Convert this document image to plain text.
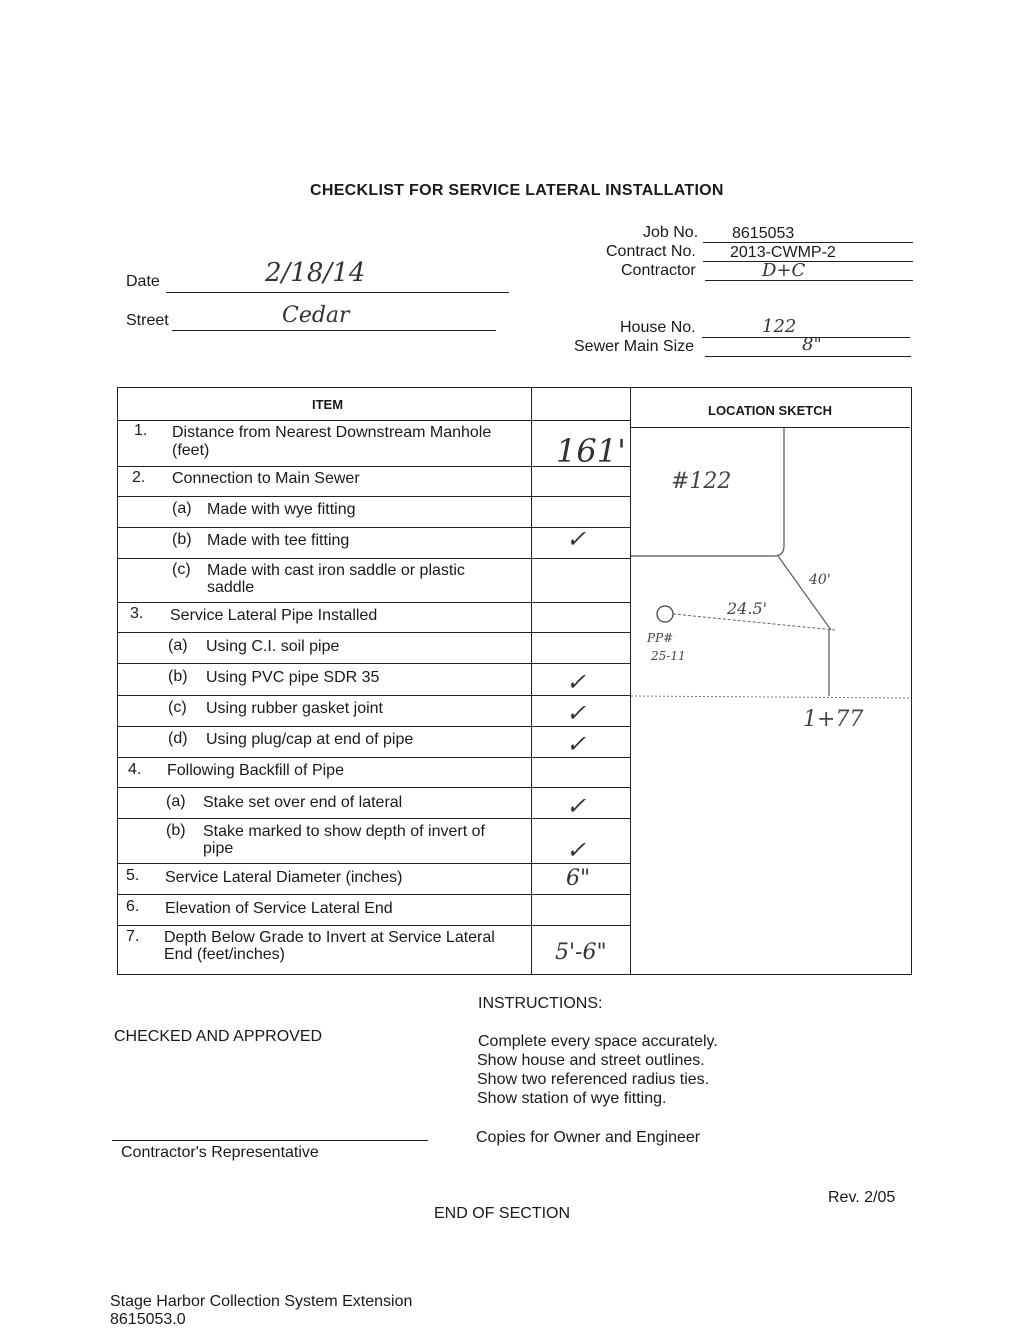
CHECKLIST FOR SERVICE LATERAL INSTALLATION
Job No. 8615053
Contract No. 2013-CWMP-2
Contractor	D+C
Date	2/18/14
Street	Cedar	House No.	122
Sewer Main Size	8"
ITEM	LOCATION SKETCH
1. Distance from Nearest Downstream Manhole
(feet)	161'
2. Connection to Main Sewer
(a) Made with wye fitting
(b) Made with tee fitting	✓
(c) Made with cast iron saddle or plastic
saddle
3. Service Lateral Pipe Installed
(a) Using C.I. soil pipe
(b) Using PVC pipe SDR 35	✓
(c) Using rubber gasket joint	✓
(d) Using plug/cap at end of pipe	✓
4. Following Backfill of Pipe
(a) Stake set over end of lateral	✓
(b) Stake marked to show depth of invert of
pipe	✓
5. Service Lateral Diameter (inches)	6"
6. Elevation of Service Lateral End
7. Depth Below Grade to Invert at Service Lateral
End (feet/inches)	5'-6"
#122
40'
24.5'
PP#
25-11
1+77
CHECKED AND APPROVED
Contractor's Representative
INSTRUCTIONS:
Complete every space accurately.
Show house and street outlines.
Show two referenced radius ties.
Show station of wye fitting.
Copies for Owner and Engineer
Rev. 2/05
END OF SECTION
Stage Harbor Collection System Extension
8615053.0
